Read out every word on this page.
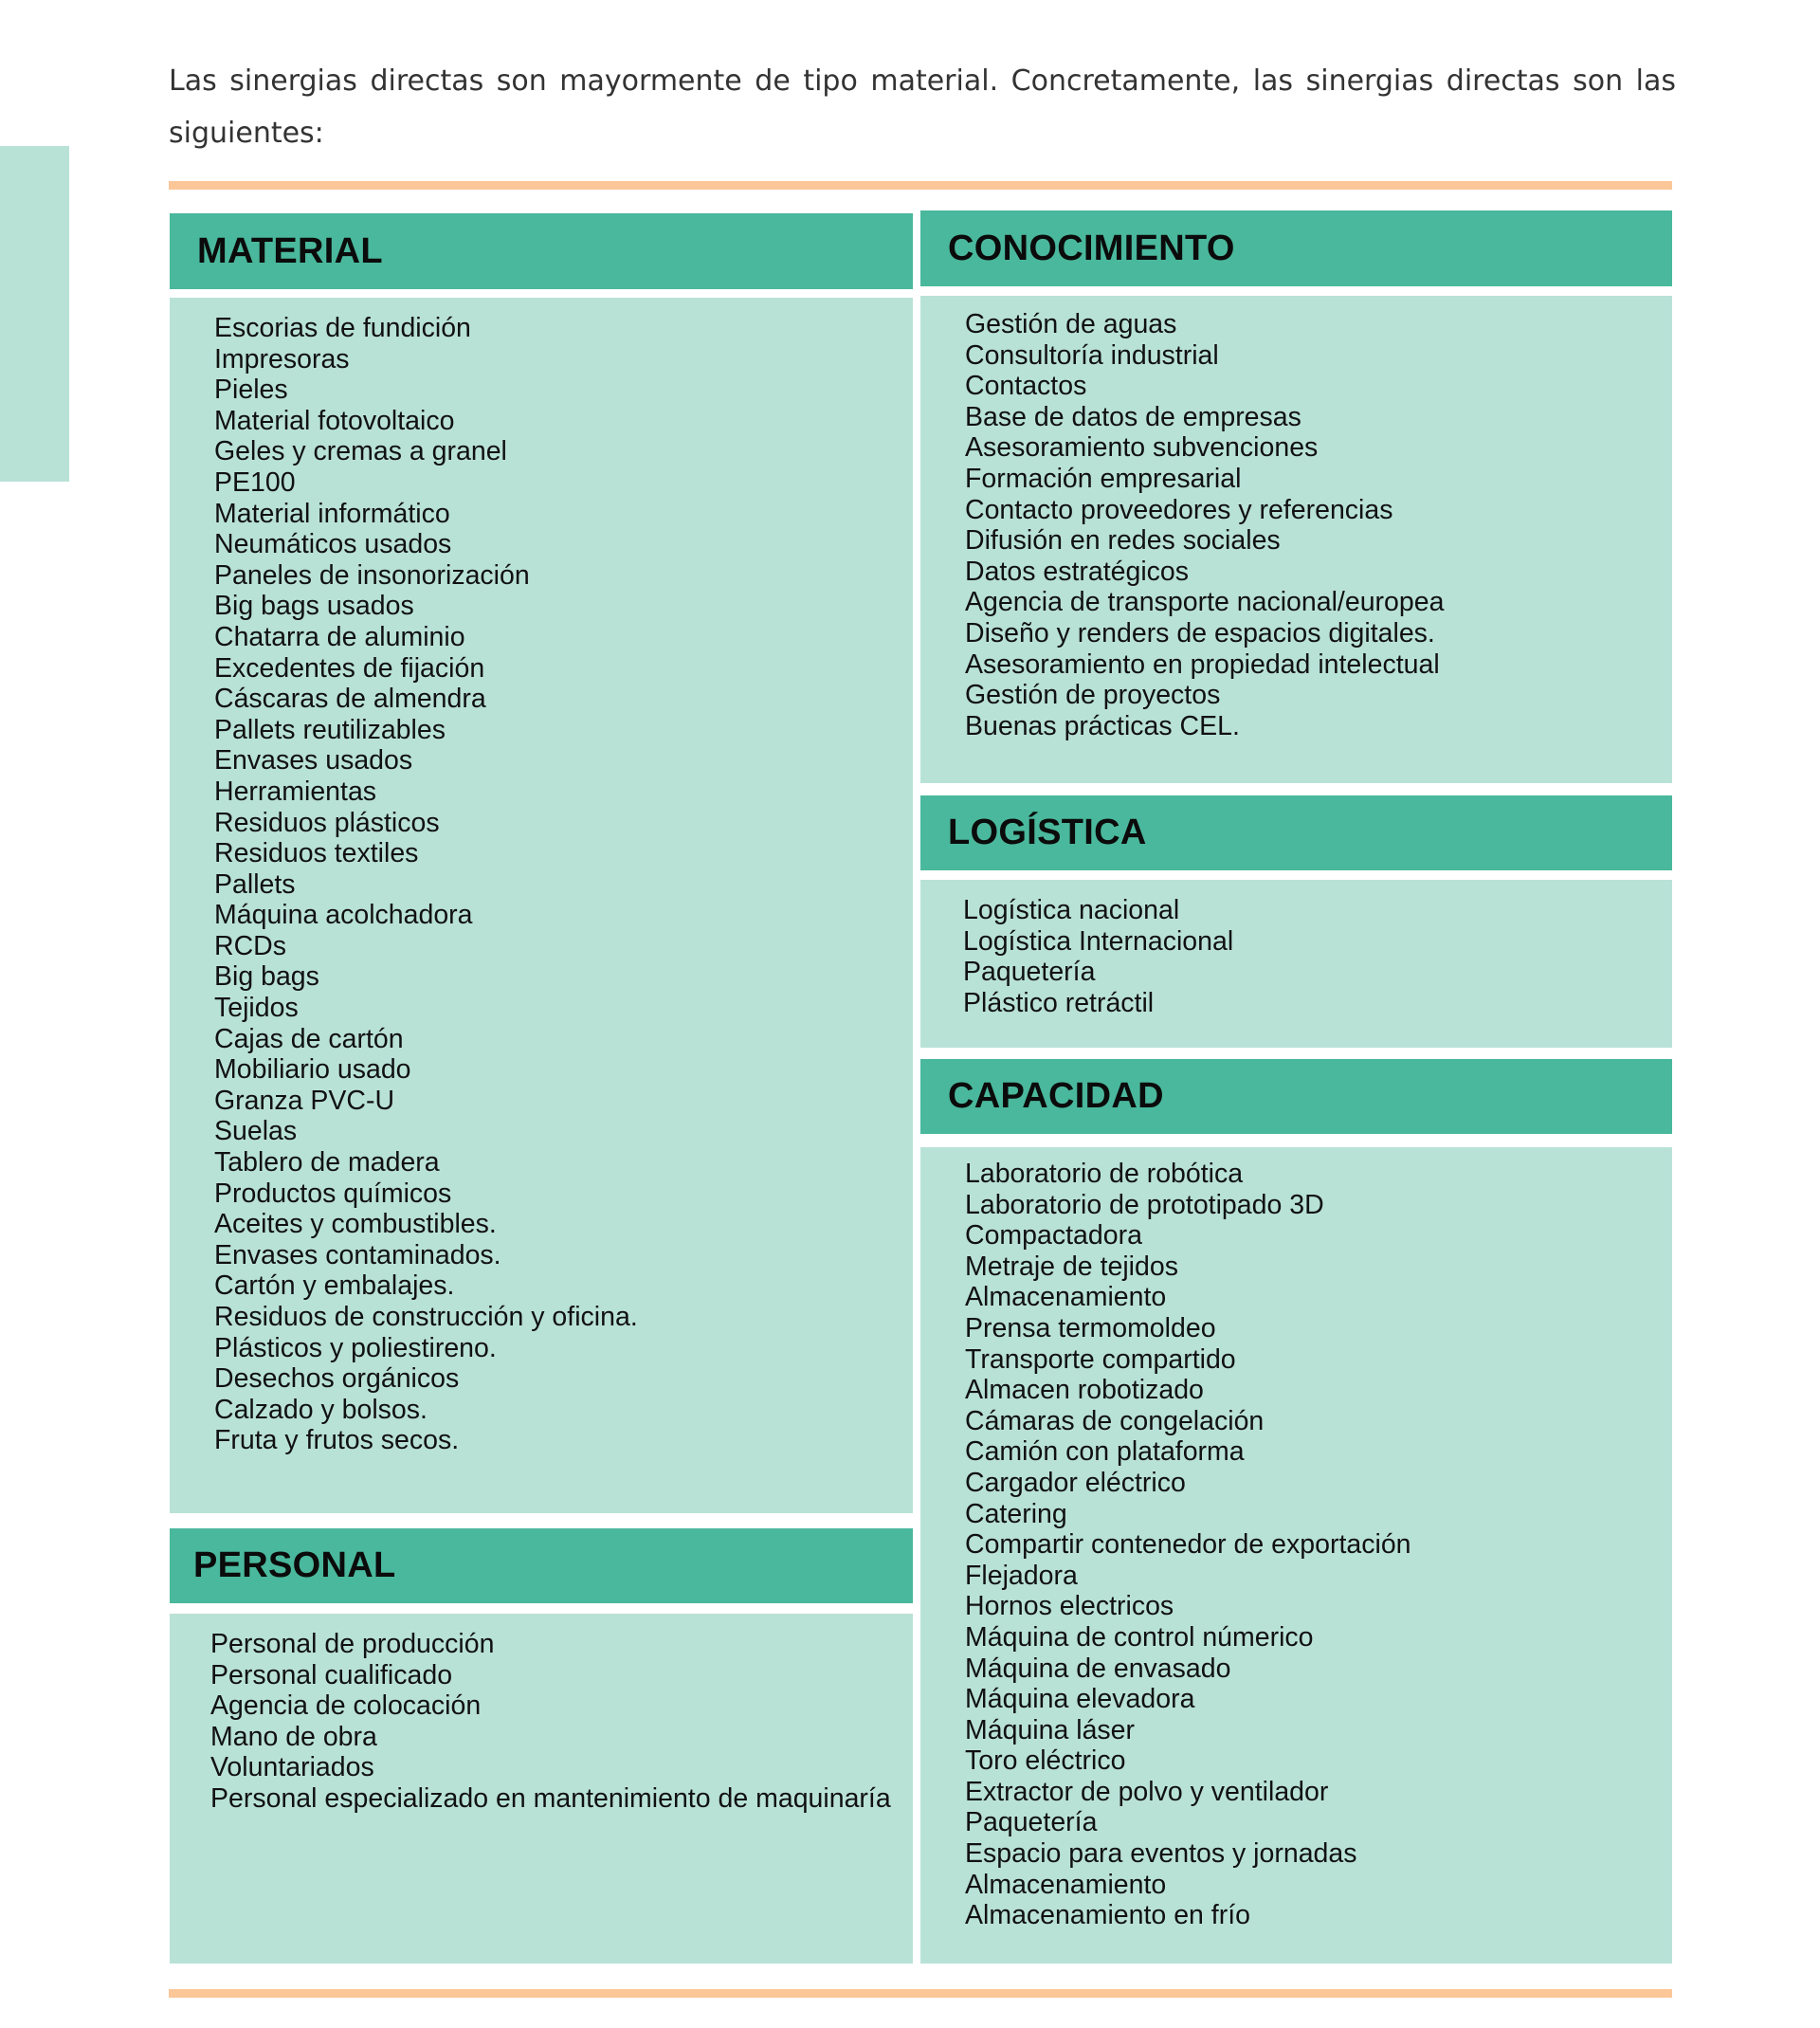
Las sinergias directas son mayormente de tipo material. Concretamente, las sinergias directas son las siguientes:

MATERIAL
Escorias de fundición
Impresoras
Pieles
Material fotovoltaico
Geles y cremas a granel
PE100
Material informático
Neumáticos usados
Paneles de insonorización
Big bags usados
Chatarra de aluminio
Excedentes de fijación
Cáscaras de almendra
Pallets reutilizables
Envases usados
Herramientas
Residuos plásticos
Residuos textiles
Pallets
Máquina acolchadora
RCDs
Big bags
Tejidos
Cajas de cartón
Mobiliario usado
Granza PVC-U
Suelas
Tablero de madera
Productos químicos
Aceites y combustibles.
Envases contaminados.
Cartón y embalajes.
Residuos de construcción y oficina.
Plásticos y poliestireno.
Desechos orgánicos
Calzado y bolsos.
Fruta y frutos secos.
PERSONAL
Personal de producción
Personal cualificado
Agencia de colocación
Mano de obra
Voluntariados
Personal especializado en mantenimiento de maquinaría
CONOCIMIENTO
Gestión de aguas
Consultoría industrial
Contactos
Base de datos de empresas
Asesoramiento subvenciones
Formación empresarial
Contacto proveedores y referencias
Difusión en redes sociales
Datos estratégicos
Agencia de transporte nacional/europea
Diseño y renders de espacios digitales.
Asesoramiento en propiedad intelectual
Gestión de proyectos
Buenas prácticas CEL.
LOGÍSTICA
Logística nacional
Logística Internacional
Paquetería
Plástico retráctil
CAPACIDAD
Laboratorio de robótica
Laboratorio de prototipado 3D
Compactadora
Metraje de tejidos
Almacenamiento
Prensa termomoldeo
Transporte compartido
Almacen robotizado
Cámaras de congelación
Camión con plataforma
Cargador eléctrico
Catering
Compartir contenedor de exportación
Flejadora
Hornos electricos
Máquina de control númerico
Máquina de envasado
Máquina elevadora
Máquina láser
Toro eléctrico
Extractor de polvo y ventilador
Paquetería
Espacio para eventos y jornadas
Almacenamiento
Almacenamiento en frío
